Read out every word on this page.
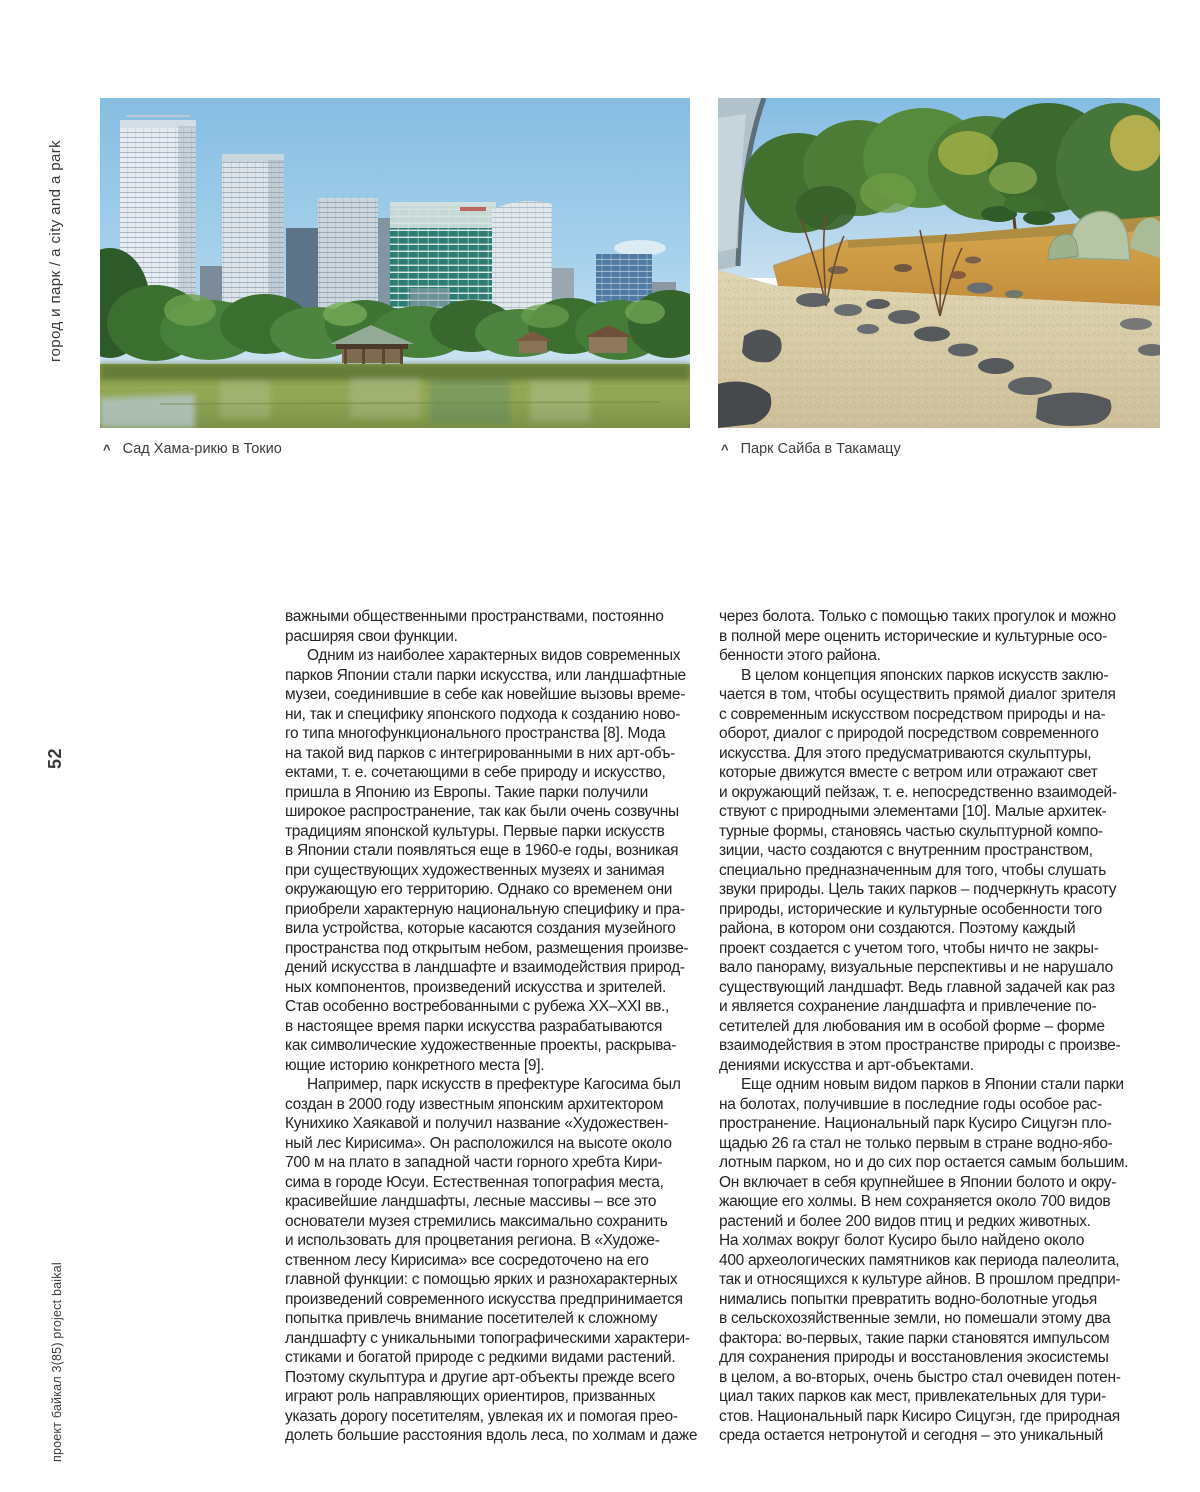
город и парк / a city and a park
52
проект байкал 3(85) project baikal
^ Сад Хама-рикю в Токио	^ Парк Сайба в Такамацу
важными общественными пространствами, постоянно
расширяя свои функции.
Одним из наиболее характерных видов современных
парков Японии стали парки искусства, или ландшафтные
музеи, соединившие в себе как новейшие вызовы време-
ни, так и специфику японского подхода к созданию ново-
го типа многофункционального пространства [8]. Мода
на такой вид парков с интегрированными в них арт-объ-
ектами, т. е. сочетающими в себе природу и искусство,
пришла в Японию из Европы. Такие парки получили
широкое распространение, так как были очень созвучны
традициям японской культуры. Первые парки искусств
в Японии стали появляться еще в 1960-е годы, возникая
при существующих художественных музеях и занимая
окружающую его территорию. Однако со временем они
приобрели характерную национальную специфику и пра-
вила устройства, которые касаются создания музейного
пространства под открытым небом, размещения произве-
дений искусства в ландшафте и взаимодействия природ-
ных компонентов, произведений искусства и зрителей.
Став особенно востребованными с рубежа XX–XXI вв.,
в настоящее время парки искусства разрабатываются
как символические художественные проекты, раскрыва-
ющие историю конкретного места [9].
Например, парк искусств в префектуре Кагосима был
создан в 2000 году известным японским архитектором
Кунихико Хаякавой и получил название «Художествен-
ный лес Кирисима». Он расположился на высоте около
700 м на плато в западной части горного хребта Кири-
сима в городе Юсуи. Естественная топография места,
красивейшие ландшафты, лесные массивы – все это
основатели музея стремились максимально сохранить
и использовать для процветания региона. В «Художе-
ственном лесу Кирисима» все сосредоточено на его
главной функции: с помощью ярких и разнохарактерных
произведений современного искусства предпринимается
попытка привлечь внимание посетителей к сложному
ландшафту с уникальными топографическими характери-
стиками и богатой природе с редкими видами растений.
Поэтому скульптура и другие арт-объекты прежде всего
играют роль направляющих ориентиров, призванных
указать дорогу посетителям, увлекая их и помогая прео-
долеть большие расстояния вдоль леса, по холмам и даже
через болота. Только с помощью таких прогулок и можно
в полной мере оценить исторические и культурные осо-
бенности этого района.
В целом концепция японских парков искусств заклю-
чается в том, чтобы осуществить прямой диалог зрителя
с современным искусством посредством природы и на-
оборот, диалог с природой посредством современного
искусства. Для этого предусматриваются скульптуры,
которые движутся вместе с ветром или отражают свет
и окружающий пейзаж, т. е. непосредственно взаимодей-
ствуют с природными элементами [10]. Малые архитек-
турные формы, становясь частью скульптурной компо-
зиции, часто создаются с внутренним пространством,
специально предназначенным для того, чтобы слушать
звуки природы. Цель таких парков – подчеркнуть красоту
природы, исторические и культурные особенности того
района, в котором они создаются. Поэтому каждый
проект создается с учетом того, чтобы ничто не закры-
вало панораму, визуальные перспективы и не нарушало
существующий ландшафт. Ведь главной задачей как раз
и является сохранение ландшафта и привлечение по-
сетителей для любования им в особой форме – форме
взаимодействия в этом пространстве природы с произве-
дениями искусства и арт-объектами.
Еще одним новым видом парков в Японии стали парки
на болотах, получившие в последние годы особое рас-
пространение. Национальный парк Кусиро Сицугэн пло-
щадью 26 га стал не только первым в стране водно-ябо-
лотным парком, но и до сих пор остается самым большим.
Он включает в себя крупнейшее в Японии болото и окру-
жающие его холмы. В нем сохраняется около 700 видов
растений и более 200 видов птиц и редких животных.
На холмах вокруг болот Кусиро было найдено около
400 археологических памятников как периода палеолита,
так и относящихся к культуре айнов. В прошлом предпри-
нимались попытки превратить водно-болотные угодья
в сельскохозяйственные земли, но помешали этому два
фактора: во-первых, такие парки становятся импульсом
для сохранения природы и восстановления экосистемы
в целом, а во-вторых, очень быстро стал очевиден потен-
циал таких парков как мест, привлекательных для тури-
стов. Национальный парк Кисиро Сицугэн, где природная
среда остается нетронутой и сегодня – это уникальный
